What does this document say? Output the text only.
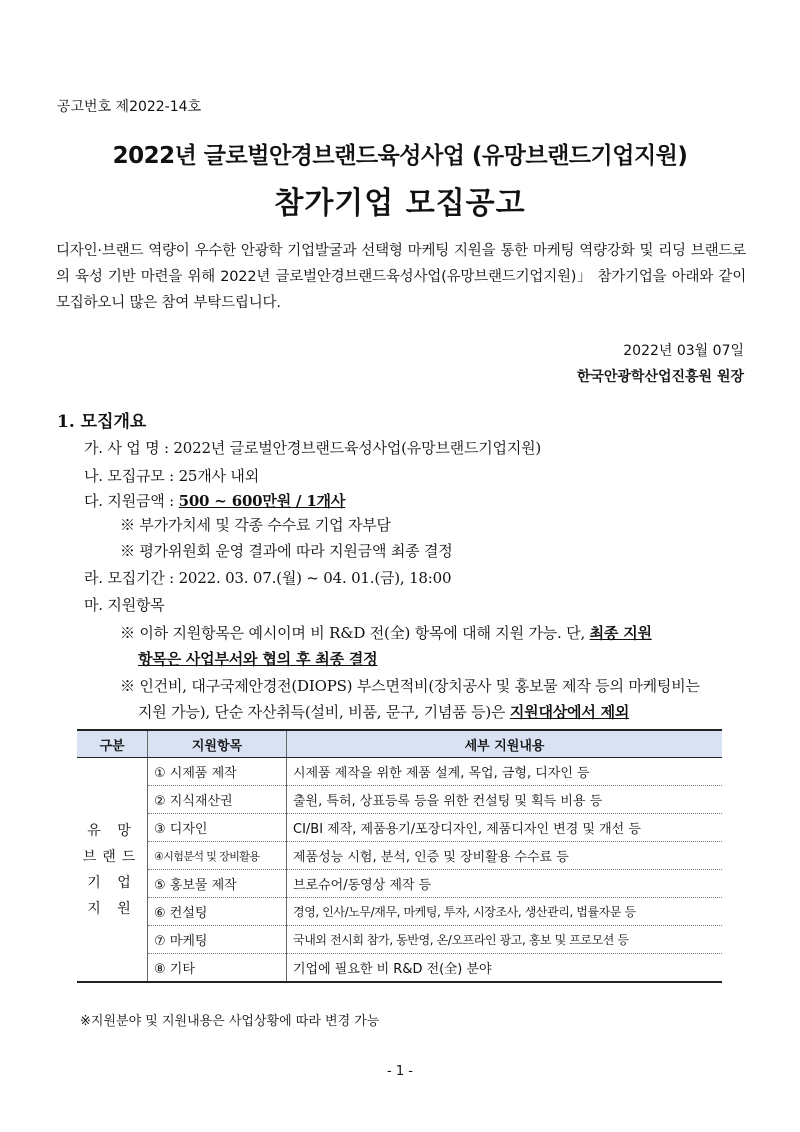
공고번호 제2022-14호
2022년 글로벌안경브랜드육성사업 (유망브랜드기업지원)
참가기업 모집공고
디자인·브랜드 역량이 우수한 안광학 기업발굴과 선택형 마케팅 지원을 통한 마케팅 역량강화 및 리딩 브랜드로의 육성 기반 마련을 위해 2022년 글로벌안경브랜드육성사업(유망브랜드기업지원)」 참가기업을 아래와 같이 모집하오니 많은 참여 부탁드립니다.
2022년 03월 07일
한국안광학산업진흥원 원장
1. 모집개요
가. 사 업 명 : 2022년 글로벌안경브랜드육성사업(유망브랜드기업지원)
나. 모집규모 : 25개사 내외
다. 지원금액 : 500 ~ 600만원 / 1개사
※ 부가가치세 및 각종 수수료 기업 자부담
※ 평가위원회 운영 결과에 따라 지원금액 최종 결정
라. 모집기간 : 2022. 03. 07.(월) ~ 04. 01.(금), 18:00
마. 지원항목
※ 이하 지원항목은 예시이며 비 R&D 전(全) 항목에 대해 지원 가능. 단, 최종 지원
항목은 사업부서와 협의 후 최종 결정
※ 인건비, 대구국제안경전(DIOPS) 부스면적비(장치공사 및 홍보물 제작 등의 마케팅비는
지원 가능), 단순 자산취득(설비, 비품, 문구, 기념품 등)은 지원대상에서 제외
구분	지원항목	세부 지원내용
유 망
브랜드
기 업
지 원	① 시제품 제작	시제품 제작을 위한 제품 설계, 목업, 금형, 디자인 등
	② 지식재산권	출원, 특허, 상표등록 등을 위한 컨설팅 및 획득 비용 등
	③ 디자인	CI/BI 제작, 제품용기/포장디자인, 제품디자인 변경 및 개선 등
	④시험분석 및 장비활용	제품성능 시험, 분석, 인증 및 장비활용 수수료 등
	⑤ 홍보물 제작	브로슈어/동영상 제작 등
	⑥ 컨설팅	경영, 인사/노무/재무, 마케팅, 투자, 시장조사, 생산관리, 법률자문 등
	⑦ 마케팅	국내외 전시회 참가, 동반영, 온/오프라인 광고, 홍보 및 프로모션 등
	⑧ 기타	기업에 필요한 비 R&D 전(全) 분야
※지원분야 및 지원내용은 사업상황에 따라 변경 가능
- 1 -
